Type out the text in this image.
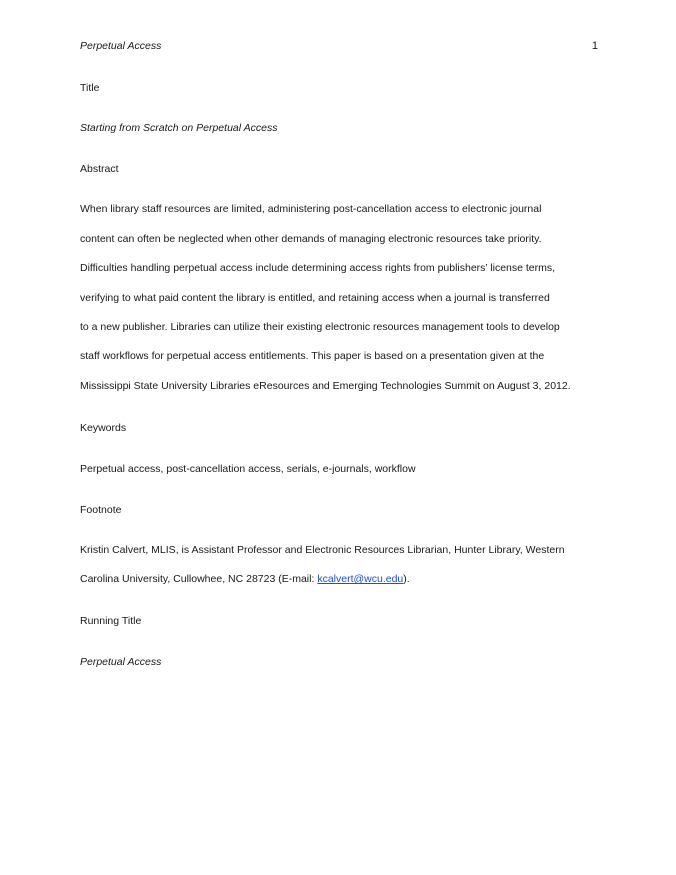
Perpetual Access	1
Title
Starting from Scratch on Perpetual Access
Abstract
When library staff resources are limited, administering post-cancellation access to electronic journal
content can often be neglected when other demands of managing electronic resources take priority.
Difficulties handling perpetual access include determining access rights from publishers’ license terms,
verifying to what paid content the library is entitled, and retaining access when a journal is transferred
to a new publisher. Libraries can utilize their existing electronic resources management tools to develop
staff workflows for perpetual access entitlements. This paper is based on a presentation given at the
Mississippi State University Libraries eResources and Emerging Technologies Summit on August 3, 2012.
Keywords
Perpetual access, post-cancellation access, serials, e-journals, workflow
Footnote
Kristin Calvert, MLIS, is Assistant Professor and Electronic Resources Librarian, Hunter Library, Western
Carolina University, Cullowhee, NC 28723 (E-mail: kcalvert@wcu.edu).
Running Title
Perpetual Access
